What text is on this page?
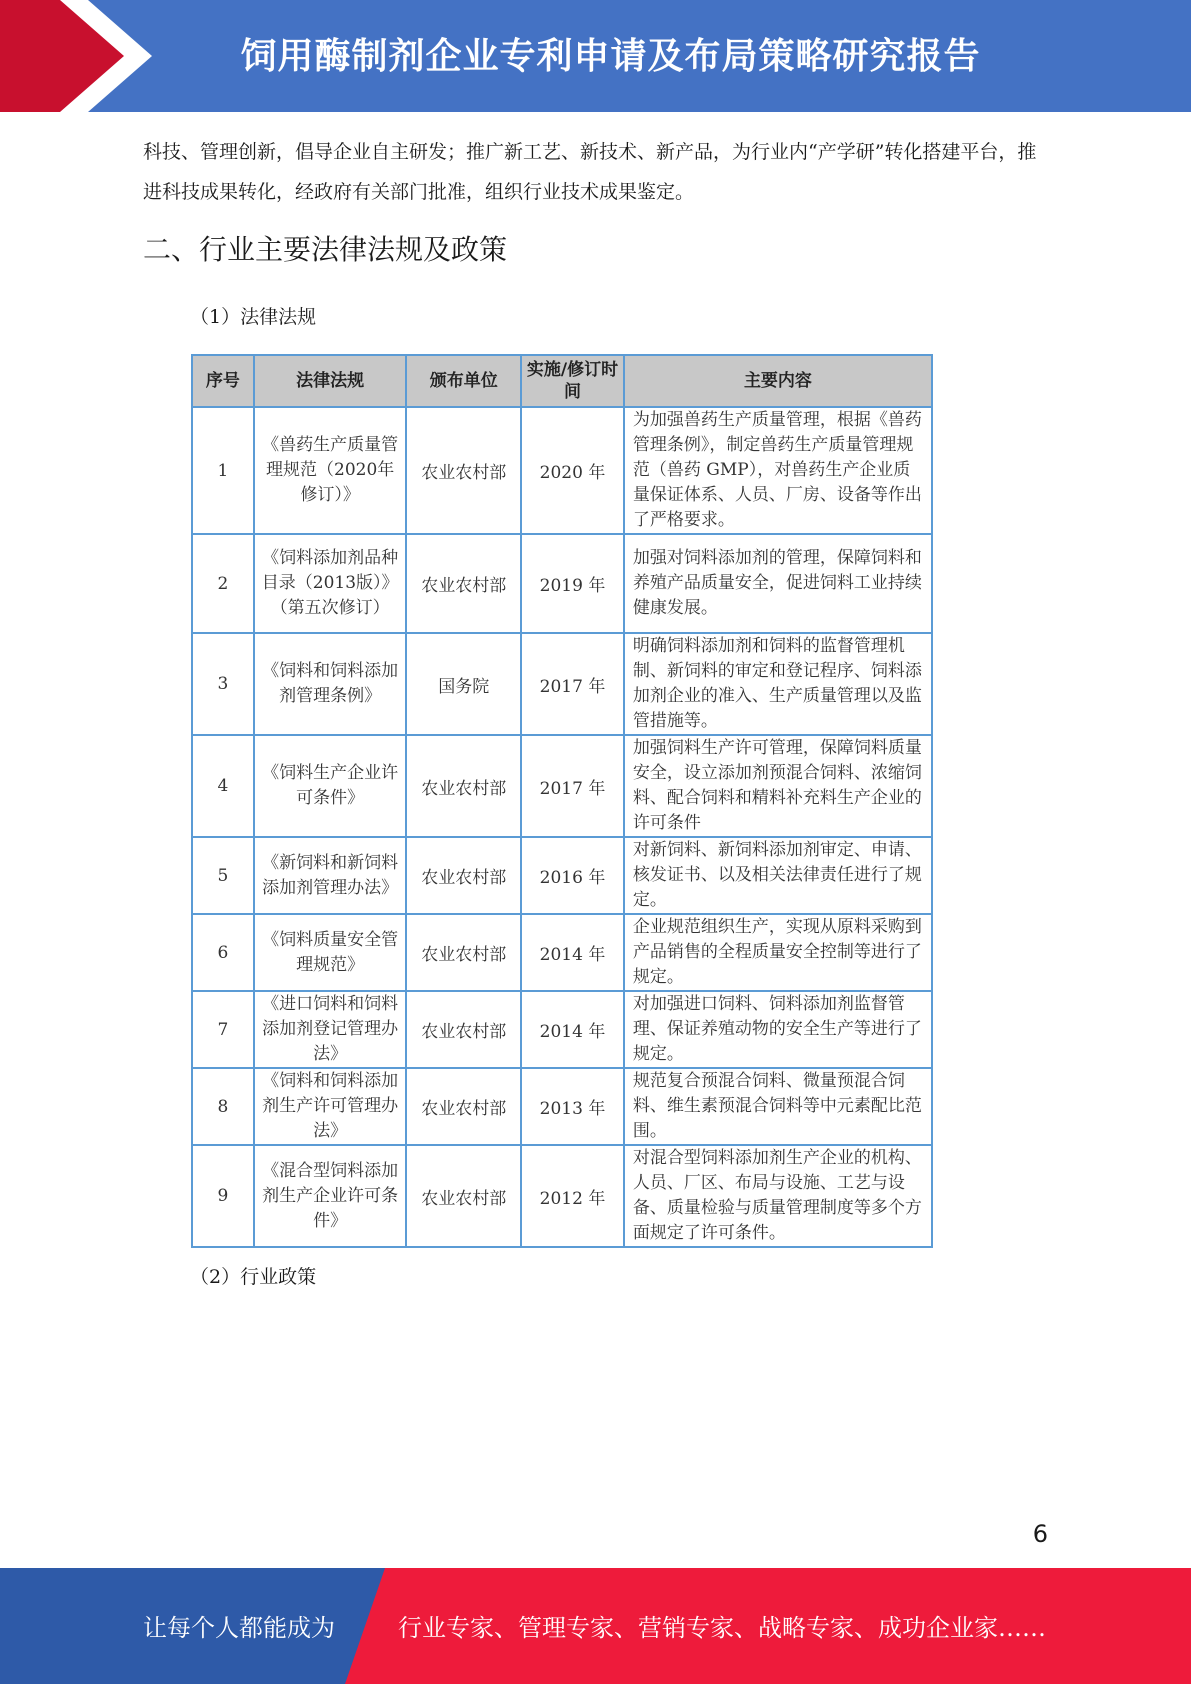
饲用酶制剂企业专利申请及布局策略研究报告
科技、管理创新，倡导企业自主研发；推广新工艺、新技术、新产品，为行业内“产学研”转化搭建平台，推进科技成果转化，经政府有关部门批准，组织行业技术成果鉴定。
二、行业主要法律法规及政策
（1）法律法规
序号	法律法规	颁布单位	实施/修订时间	主要内容
1	《兽药生产质量管理规范（2020年修订）》	农业农村部	2020 年	为加强兽药生产质量管理，根据《兽药管理条例》，制定兽药生产质量管理规范（兽药 GMP），对兽药生产企业质量保证体系、人员、厂房、设备等作出了严格要求。
2	《饲料添加剂品种目录（2013版）》（第五次修订）	农业农村部	2019 年	加强对饲料添加剂的管理，保障饲料和养殖产品质量安全，促进饲料工业持续健康发展。
3	《饲料和饲料添加剂管理条例》	国务院	2017 年	明确饲料添加剂和饲料的监督管理机制、新饲料的审定和登记程序、饲料添加剂企业的准入、生产质量管理以及监管措施等。
4	《饲料生产企业许可条件》	农业农村部	2017 年	加强饲料生产许可管理，保障饲料质量安全，设立添加剂预混合饲料、浓缩饲料、配合饲料和精料补充料生产企业的许可条件
5	《新饲料和新饲料添加剂管理办法》	农业农村部	2016 年	对新饲料、新饲料添加剂审定、申请、核发证书、以及相关法律责任进行了规定。
6	《饲料质量安全管理规范》	农业农村部	2014 年	企业规范组织生产，实现从原料采购到产品销售的全程质量安全控制等进行了规定。
7	《进口饲料和饲料添加剂登记管理办法》	农业农村部	2014 年	对加强进口饲料、饲料添加剂监督管理、保证养殖动物的安全生产等进行了规定。
8	《饲料和饲料添加剂生产许可管理办法》	农业农村部	2013 年	规范复合预混合饲料、微量预混合饲料、维生素预混合饲料等中元素配比范围。
9	《混合型饲料添加剂生产企业许可条件》	农业农村部	2012 年	对混合型饲料添加剂生产企业的机构、人员、厂区、布局与设施、工艺与设备、质量检验与质量管理制度等多个方面规定了许可条件。
（2）行业政策
6
让每个人都能成为	行业专家、管理专家、营销专家、战略专家、成功企业家……
